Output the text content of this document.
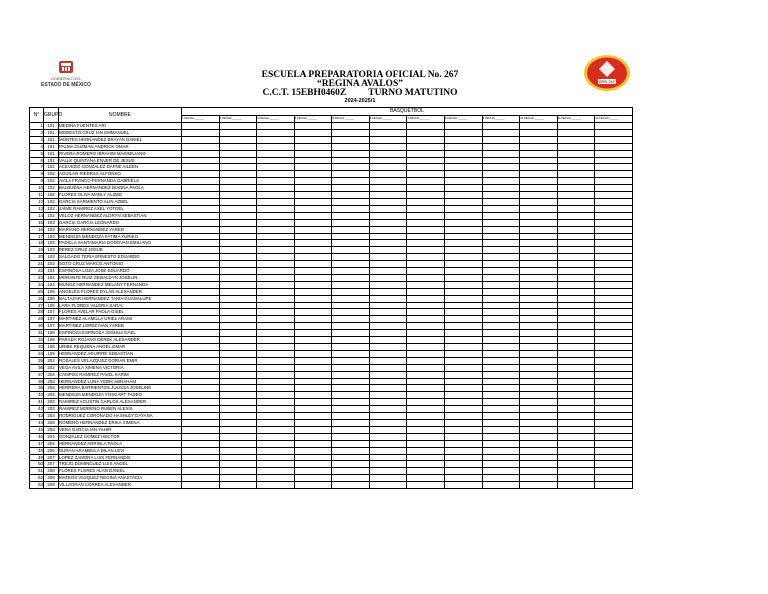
GOBIERNO DEL
ESTADO DE MÉXICO
EPO 267
ESCUELA PREPARATORIA OFICIAL No. 267
“REGINA AVALOS”
C.C.T. 15EBH0460Z TURNO MATUTINO
2024-2025/1
N°	GRUPO	NOMBRE	BASQUETBOL											
			1 FECHA:______	2 FECHA:______	3 FECHA:______	4 FECHA:______	5 FECHA:______	6 FECHA:______	7 FECHA:______	8 FECHA:______	9 FECHA:______	10 FECHA:______	11 FECHA:______	12 FECHA:______
1	101	MEDINA FUENTES ARI												
2	101	MODESTO CRUZ IAN EMMANUEL												
3	101	MONTES HERNANDEZ BRAYAN DANIEL												
4	101	PALMA GUZMAN ANDRICK OMAR												
5	101	RIVERA ROMERO IBRAHIM MAXIMILIANO												
6	101	VALLE QUINTANA ENVER DE JESUS												
7	102	ACEVEDO GONZALEZ DAFNE AILEEN												
8	102	AGUILAR PIEDRAS ALFONSO												
9	102	AVILA FRANCO FERNANDA GABRIELA												
10	102	BALBUENA HERNANDEZ DIANNA PAOLA												
11	102	FLORES OLIVA MARLY ALIZEE												
12	102	GARCIA SARMIENTO ALIN AZBEL												
13	102	JAIME RAMIREZ AXEL YOTOEL												
14	102	VELOZ HERNANDEZ ALDRYN SEBASTIAN												
15	103	GARCIA GARCIA LEONARDO												
16	103	MARIANO HERNANDEZ YARED												
17	103	MENDOZA MENDOZA FATIMA YURIKO												
18	103	PADILLA SANTAMARIA DONOVAN EMILIANO												
19	103	PEREZ CRUZ JOSUE												
20	103	SALGADO TERIA ERNESTO EDUARDO												
21	103	SOTO CRUZ MARCO ANTONIO												
22	104	ESPINOSA LOZA JOSE EDUARDO												
23	104	MORANTE RUIZ GERALDYN JOSELIN												
24	104	MUNOZ HERNANDEZ MELANY FERNANDA												
25	105	ANGELES FLORES DYLAN ALEXANDER												
26	106	BALTAZAR HERNANDEZ TANIA GUADALUPE												
27	106	LARA FLORES VALERIA SARAI												
28	107	FLORES AVELAR PAOLA GISEL												
29	107	MARTINEZ ALAMILLA URIEL ARAMI												
30	107	MARTINEZ LOPEZ IVAN YAREB												
31	108	ESPINOZA ESPINOZA JOSHUA GAEL												
32	108	PARADA ROJANO DEREK ALEXANDER												
33	108	URIBE REQUENA ANGEL OMAR												
34	109	HERNANDEZ AGUIRRE SEBASTIAN												
35	202	ROSALES VELAZQUEZ DORIAN EMIR												
36	202	VEGA AVILA XIMENA VICTORIA												
37	203	CAMPOS RAMIREZ PAVEL KARIM												
38	203	HERNANDEZ LUNA YERIK ABRAHAM												
39	203	HERRERA BARRIENTOS JULISSA JOSELINE												
40	203	MENDOZA MENDOZA YOSGART TADEO												
41	203	RAMIREZ AGUSTIN CARLOS ALEXANDER												
42	203	RAMIREZ MORENO RUBEN ALEXIS												
43	203	RODRIGUEZ CORONADO HASHLEY DAYANA												
44	203	ROMERO HERNANDEZ ERIKA XIMENA												
45	203	VERA GARCIA IAN YAHIR												
46	204	GONZALEZ GOMEZ HECTOR												
47	204	HERNANDEZ ARRIOLA PAOLA												
48	206	DURAN ARAMBULA DILAN LEVI												
49	207	LOPEZ ZAMORA LUIS FERNANDO												
50	207	TREJO DOMINGUEZ LUIS ANGEL												
51	208	FLORES FLORES ALAN DANIEL												
52	208	MATEOS VAZQUEZ REGINA ANASTACIA												
53	208	VILLAGRAN CORREA ALEXANDER												
